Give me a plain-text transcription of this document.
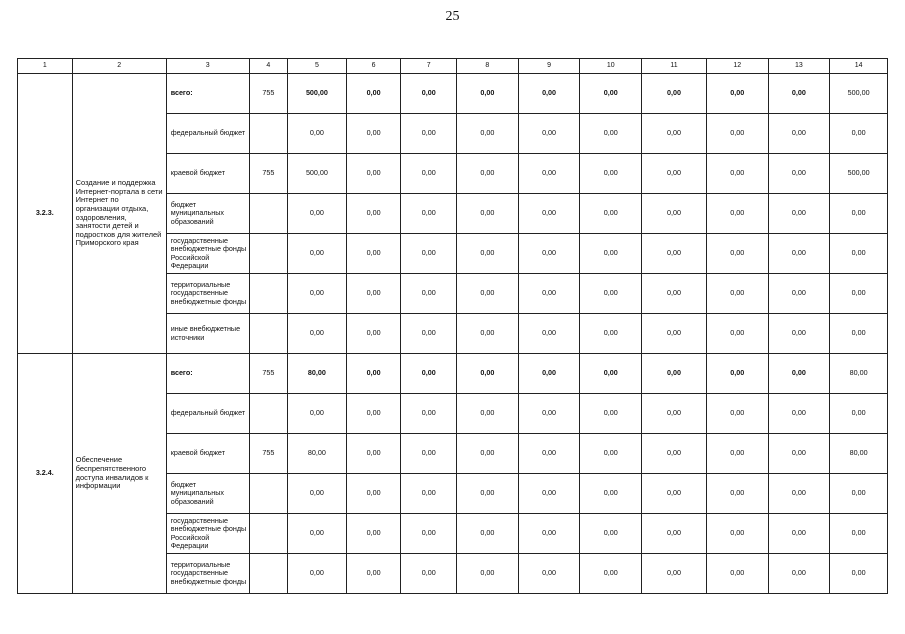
25
1	2	3	4	5	6	7	8	9	10	11	12	13	14
3.2.3.	Создание и поддержка Интернет-портала в сети Интернет по организации отдыха, оздоровления, занятости детей и подростков для жителей Приморского края	всего:	755	500,00	0,00	0,00	0,00	0,00	0,00	0,00	0,00	0,00	500,00
		федеральный бюджет		0,00	0,00	0,00	0,00	0,00	0,00	0,00	0,00	0,00	0,00
		краевой бюджет	755	500,00	0,00	0,00	0,00	0,00	0,00	0,00	0,00	0,00	500,00
		бюджет муниципальных образований		0,00	0,00	0,00	0,00	0,00	0,00	0,00	0,00	0,00	0,00
		государственные внебюджетные фонды Российской Федерации		0,00	0,00	0,00	0,00	0,00	0,00	0,00	0,00	0,00	0,00
		территориальные государственные внебюджетные фонды		0,00	0,00	0,00	0,00	0,00	0,00	0,00	0,00	0,00	0,00
		иные внебюджетные источники		0,00	0,00	0,00	0,00	0,00	0,00	0,00	0,00	0,00	0,00
3.2.4.	Обеспечение беспрепятственного доступа инвалидов к информации	всего:	755	80,00	0,00	0,00	0,00	0,00	0,00	0,00	0,00	0,00	80,00
		федеральный бюджет		0,00	0,00	0,00	0,00	0,00	0,00	0,00	0,00	0,00	0,00
		краевой бюджет	755	80,00	0,00	0,00	0,00	0,00	0,00	0,00	0,00	0,00	80,00
		бюджет муниципальных образований		0,00	0,00	0,00	0,00	0,00	0,00	0,00	0,00	0,00	0,00
		государственные внебюджетные фонды Российской Федерации		0,00	0,00	0,00	0,00	0,00	0,00	0,00	0,00	0,00	0,00
		территориальные государственные внебюджетные фонды		0,00	0,00	0,00	0,00	0,00	0,00	0,00	0,00	0,00	0,00
